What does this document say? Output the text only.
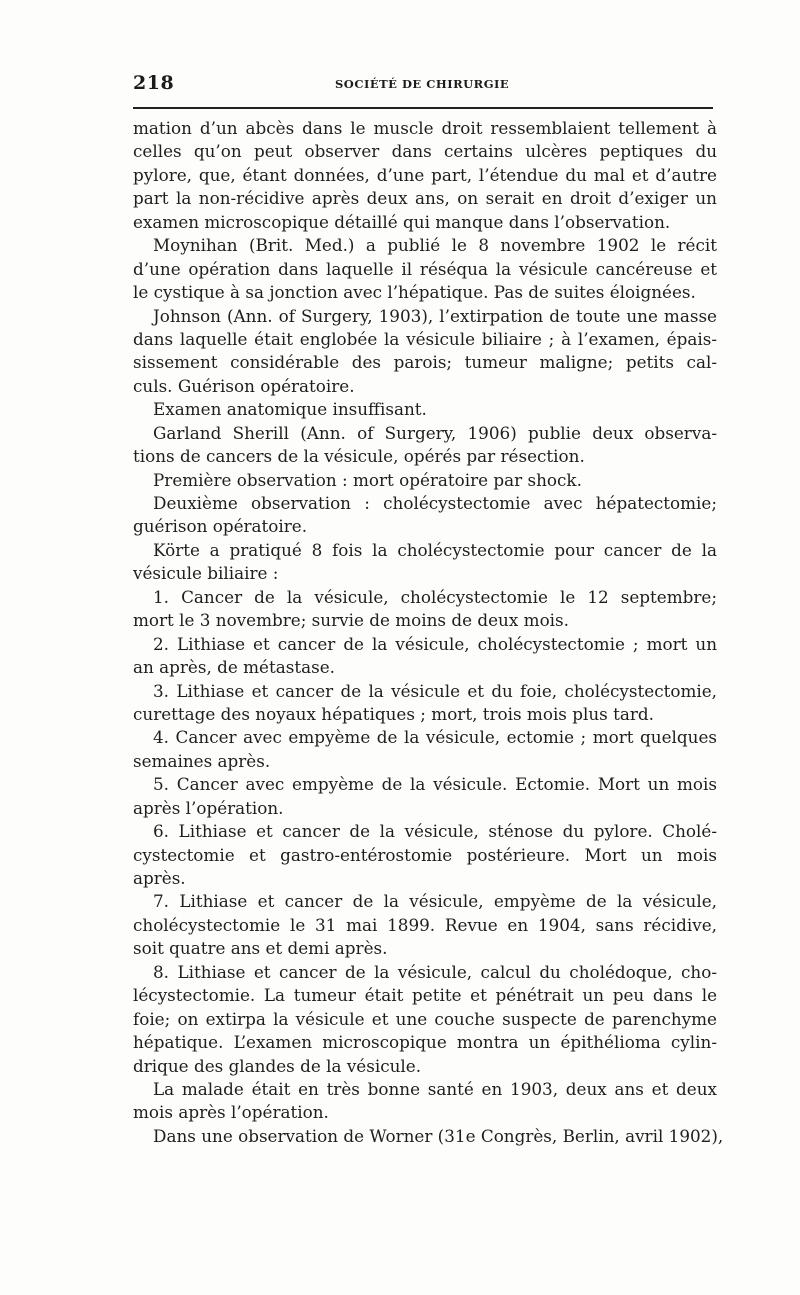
218	SOCIÉTÉ DE CHIRURGIE
mation d’un abcès dans le muscle droit ressemblaient tellement à
celles qu’on peut observer dans certains ulcères peptiques du
pylore, que, étant données, d’une part, l’étendue du mal et d’autre
part la non-récidive après deux ans, on serait en droit d’exiger un
examen microscopique détaillé qui manque dans l’observation.
Moynihan (Brit. Med.) a publié le 8 novembre 1902 le récit
d’une opération dans laquelle il réséqua la vésicule cancéreuse et
le cystique à sa jonction avec l’hépatique. Pas de suites éloignées.
Johnson (Ann. of Surgery, 1903), l’extirpation de toute une masse
dans laquelle était englobée la vésicule biliaire ; à l’examen, épais-
sissement considérable des parois; tumeur maligne; petits cal-
culs. Guérison opératoire.
Examen anatomique insuffisant.
Garland Sherill (Ann. of Surgery, 1906) publie deux observa-
tions de cancers de la vésicule, opérés par résection.
Première observation : mort opératoire par shock.
Deuxième observation : cholécystectomie avec hépatectomie;
guérison opératoire.
Körte a pratiqué 8 fois la cholécystectomie pour cancer de la
vésicule biliaire :
1. Cancer de la vésicule, cholécystectomie le 12 septembre;
mort le 3 novembre; survie de moins de deux mois.
2. Lithiase et cancer de la vésicule, cholécystectomie ; mort un
an après, de métastase.
3. Lithiase et cancer de la vésicule et du foie, cholécystectomie,
curettage des noyaux hépatiques ; mort, trois mois plus tard.
4. Cancer avec empyème de la vésicule, ectomie ; mort quelques
semaines après.
5. Cancer avec empyème de la vésicule. Ectomie. Mort un mois
après l’opération.
6. Lithiase et cancer de la vésicule, sténose du pylore. Cholé-
cystectomie et gastro-entérostomie postérieure. Mort un mois
après.
7. Lithiase et cancer de la vésicule, empyème de la vésicule,
cholécystectomie le 31 mai 1899. Revue en 1904, sans récidive,
soit quatre ans et demi après.
8. Lithiase et cancer de la vésicule, calcul du cholédoque, cho-
lécystectomie. La tumeur était petite et pénétrait un peu dans le
foie; on extirpa la vésicule et une couche suspecte de parenchyme
hépatique. L’examen microscopique montra un épithélioma cylin-
drique des glandes de la vésicule.
La malade était en très bonne santé en 1903, deux ans et deux
mois après l’opération.
Dans une observation de Worner (31e Congrès, Berlin, avril 1902),
